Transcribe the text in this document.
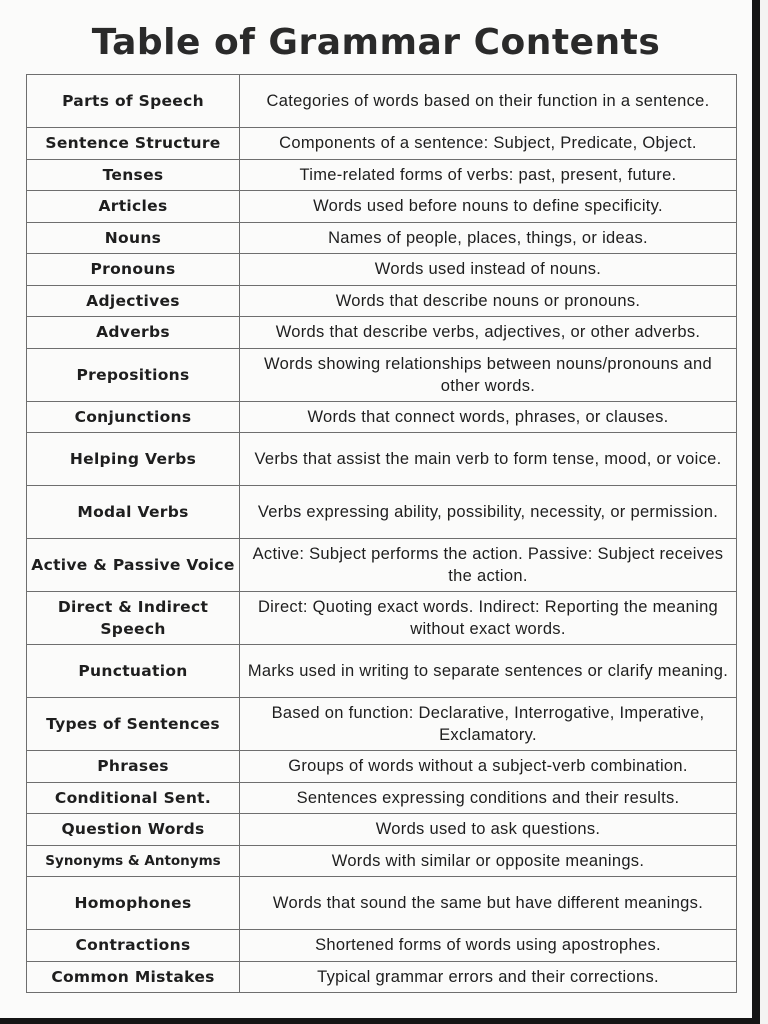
Table of Grammar Contents
Parts of Speech	Categories of words based on their function in a sentence.
Sentence Structure	Components of a sentence: Subject, Predicate, Object.
Tenses	Time-related forms of verbs: past, present, future.
Articles	Words used before nouns to define specificity.
Nouns	Names of people, places, things, or ideas.
Pronouns	Words used instead of nouns.
Adjectives	Words that describe nouns or pronouns.
Adverbs	Words that describe verbs, adjectives, or other adverbs.
Prepositions	Words showing relationships between nouns/pronouns and other words.
Conjunctions	Words that connect words, phrases, or clauses.
Helping Verbs	Verbs that assist the main verb to form tense, mood, or voice.
Modal Verbs	Verbs expressing ability, possibility, necessity, or permission.
Active & Passive Voice	Active: Subject performs the action. Passive: Subject receives the action.
Direct & Indirect Speech	Direct: Quoting exact words. Indirect: Reporting the meaning without exact words.
Punctuation	Marks used in writing to separate sentences or clarify meaning.
Types of Sentences	Based on function: Declarative, Interrogative, Imperative, Exclamatory.
Phrases	Groups of words without a subject-verb combination.
Conditional Sent.	Sentences expressing conditions and their results.
Question Words	Words used to ask questions.
Synonyms & Antonyms	Words with similar or opposite meanings.
Homophones	Words that sound the same but have different meanings.
Contractions	Shortened forms of words using apostrophes.
Common Mistakes	Typical grammar errors and their corrections.
